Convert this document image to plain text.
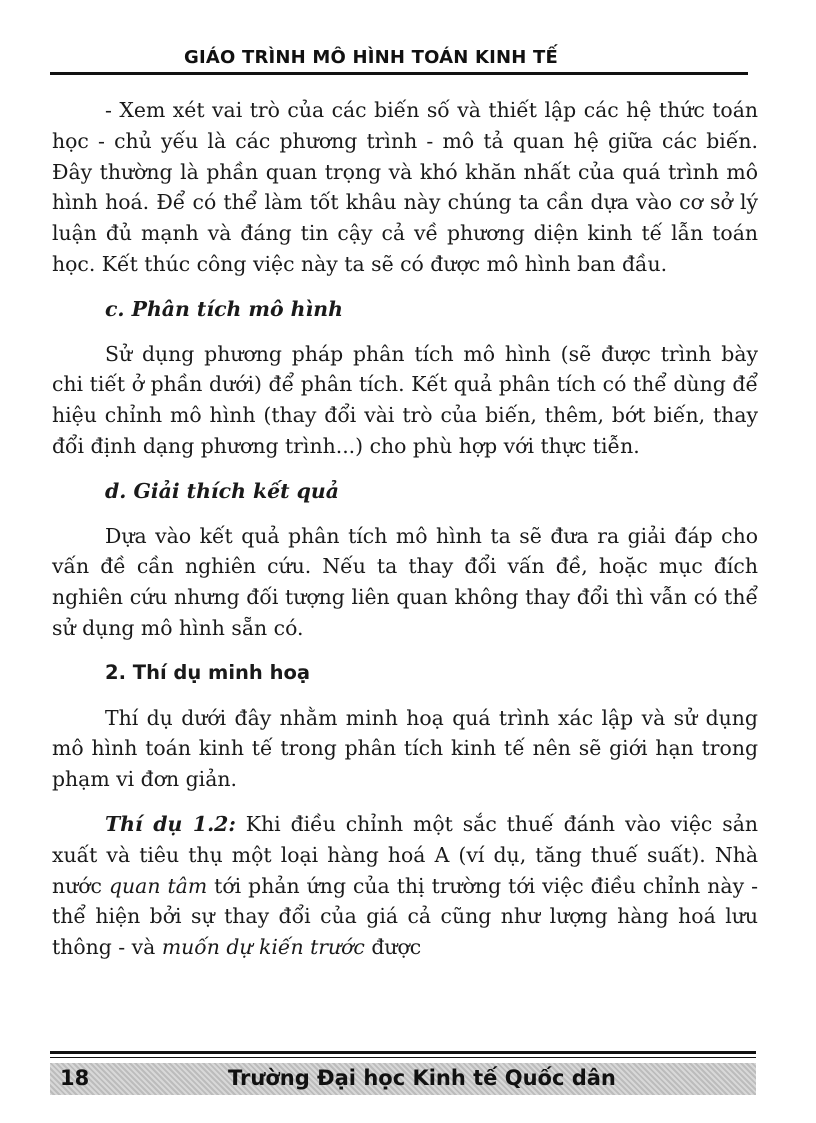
GIÁO TRÌNH MÔ HÌNH TOÁN KINH TẾ

- Xem xét vai trò của các biến số và thiết lập các hệ thức toán học - chủ yếu là các phương trình - mô tả quan hệ giữa các biến. Đây thường là phần quan trọng và khó khăn nhất của quá trình mô hình hoá. Để có thể làm tốt khâu này chúng ta cần dựa vào cơ sở lý luận đủ mạnh và đáng tin cậy cả về phương diện kinh tế lẫn toán học. Kết thúc công việc này ta sẽ có được mô hình ban đầu.

c. Phân tích mô hình

Sử dụng phương pháp phân tích mô hình (sẽ được trình bày chi tiết ở phần dưới) để phân tích. Kết quả phân tích có thể dùng để hiệu chỉnh mô hình (thay đổi vài trò của biến, thêm, bớt biến, thay đổi định dạng phương trình...) cho phù hợp với thực tiễn.

d. Giải thích kết quả

Dựa vào kết quả phân tích mô hình ta sẽ đưa ra giải đáp cho vấn đề cần nghiên cứu. Nếu ta thay đổi vấn đề, hoặc mục đích nghiên cứu nhưng đối tượng liên quan không thay đổi thì vẫn có thể sử dụng mô hình sẵn có.

2. Thí dụ minh hoạ

Thí dụ dưới đây nhằm minh hoạ quá trình xác lập và sử dụng mô hình toán kinh tế trong phân tích kinh tế nên sẽ giới hạn trong phạm vi đơn giản.

Thí dụ 1.2: Khi điều chỉnh một sắc thuế đánh vào việc sản xuất và tiêu thụ một loại hàng hoá A (ví dụ, tăng thuế suất). Nhà nước quan tâm tới phản ứng của thị trường tới việc điều chỉnh này - thể hiện bởi sự thay đổi của giá cả cũng như lượng hàng hoá lưu thông - và muốn dự kiến trước được

18	Trường Đại học Kinh tế Quốc dân
